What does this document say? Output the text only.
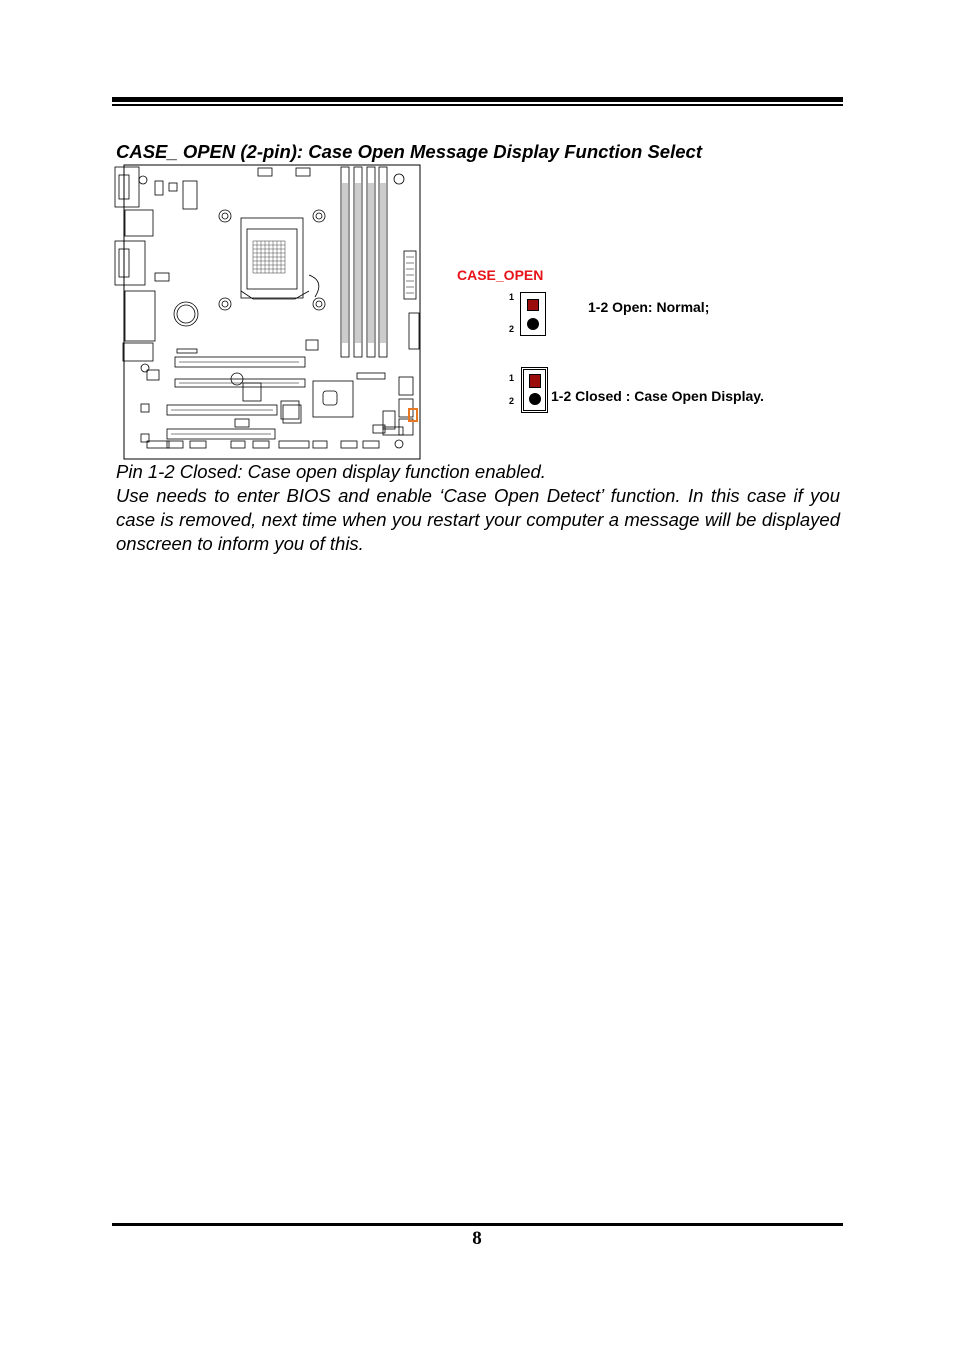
CASE_ OPEN (2-pin): Case Open Message Display Function Select
CASE_OPEN
1
2
1-2 Open: Normal;
1
2	1-2 Closed : Case Open Display.
Pin 1-2 Closed: Case open display function enabled.
Use needs to enter BIOS and enable ‘Case Open Detect’ function. In this case if you case is removed, next time when you restart your computer a message will be displayed onscreen to inform you of this.
8
